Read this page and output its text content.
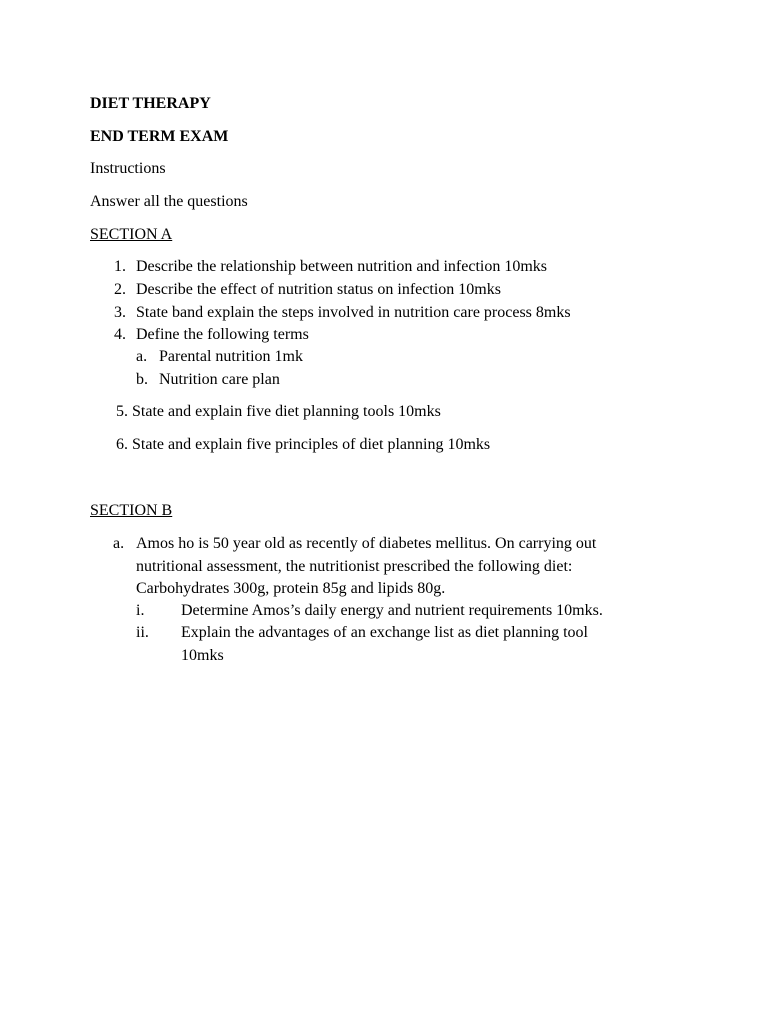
DIET THERAPY
END TERM EXAM
Instructions
Answer all the questions
SECTION A
1. Describe the relationship between nutrition and infection 10mks
2. Describe the effect of nutrition status on infection 10mks
3. State band explain the steps involved in nutrition care process 8mks
4. Define the following terms
a. Parental nutrition 1mk
b. Nutrition care plan
5. State and explain five diet planning tools 10mks
6. State and explain five principles of diet planning 10mks
SECTION B
a. Amos ho is 50 year old as recently of diabetes mellitus. On carrying out
nutritional assessment, the nutritionist prescribed the following diet:
Carbohydrates 300g, protein 85g and lipids 80g.
i. Determine Amos’s daily energy and nutrient requirements 10mks.
ii. Explain the advantages of an exchange list as diet planning tool
10mks
